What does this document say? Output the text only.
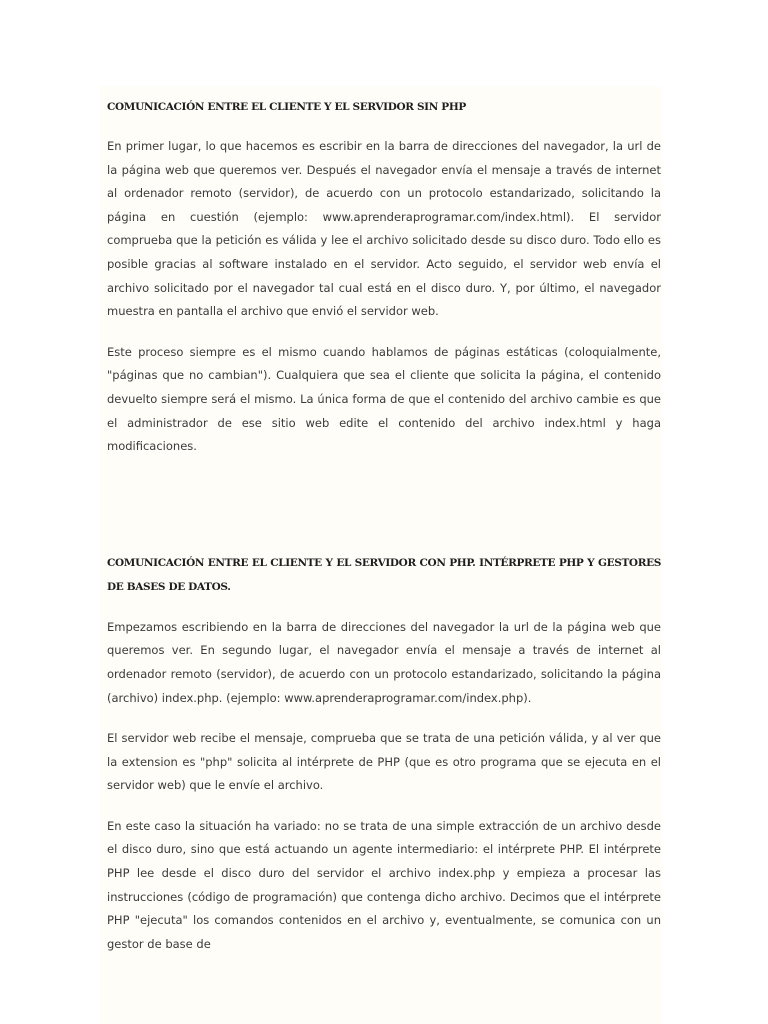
COMUNICACIÓN ENTRE EL CLIENTE Y EL SERVIDOR SIN PHP

En primer lugar, lo que hacemos es escribir en la barra de direcciones del navegador, la url de la página web que queremos ver. Después el navegador envía el mensaje a través de internet al ordenador remoto (servidor), de acuerdo con un protocolo estandarizado, solicitando la página en cuestión (ejemplo: www.aprenderaprogramar.com/index.html). El servidor comprueba que la petición es válida y lee el archivo solicitado desde su disco duro. Todo ello es posible gracias al software instalado en el servidor. Acto seguido, el servidor web envía el archivo solicitado por el navegador tal cual está en el disco duro. Y, por último, el navegador muestra en pantalla el archivo que envió el servidor web.

Este proceso siempre es el mismo cuando hablamos de páginas estáticas (coloquialmente, "páginas que no cambian"). Cualquiera que sea el cliente que solicita la página, el contenido devuelto siempre será el mismo. La única forma de que el contenido del archivo cambie es que el administrador de ese sitio web edite el contenido del archivo index.html y haga modificaciones.

COMUNICACIÓN ENTRE EL CLIENTE Y EL SERVIDOR CON PHP. INTÉRPRETE PHP Y GESTORES DE BASES DE DATOS.

Empezamos escribiendo en la barra de direcciones del navegador la url de la página web que queremos ver. En segundo lugar, el navegador envía el mensaje a través de internet al ordenador remoto (servidor), de acuerdo con un protocolo estandarizado, solicitando la página (archivo) index.php. (ejemplo: www.aprenderaprogramar.com/index.php).

El servidor web recibe el mensaje, comprueba que se trata de una petición válida, y al ver que la extension es "php" solicita al intérprete de PHP (que es otro programa que se ejecuta en el servidor web) que le envíe el archivo.

En este caso la situación ha variado: no se trata de una simple extracción de un archivo desde el disco duro, sino que está actuando un agente intermediario: el intérprete PHP. El intérprete PHP lee desde el disco duro del servidor el archivo index.php y empieza a procesar las instrucciones (código de programación) que contenga dicho archivo. Decimos que el intérprete PHP "ejecuta" los comandos contenidos en el archivo y, eventualmente, se comunica con un gestor de base de
